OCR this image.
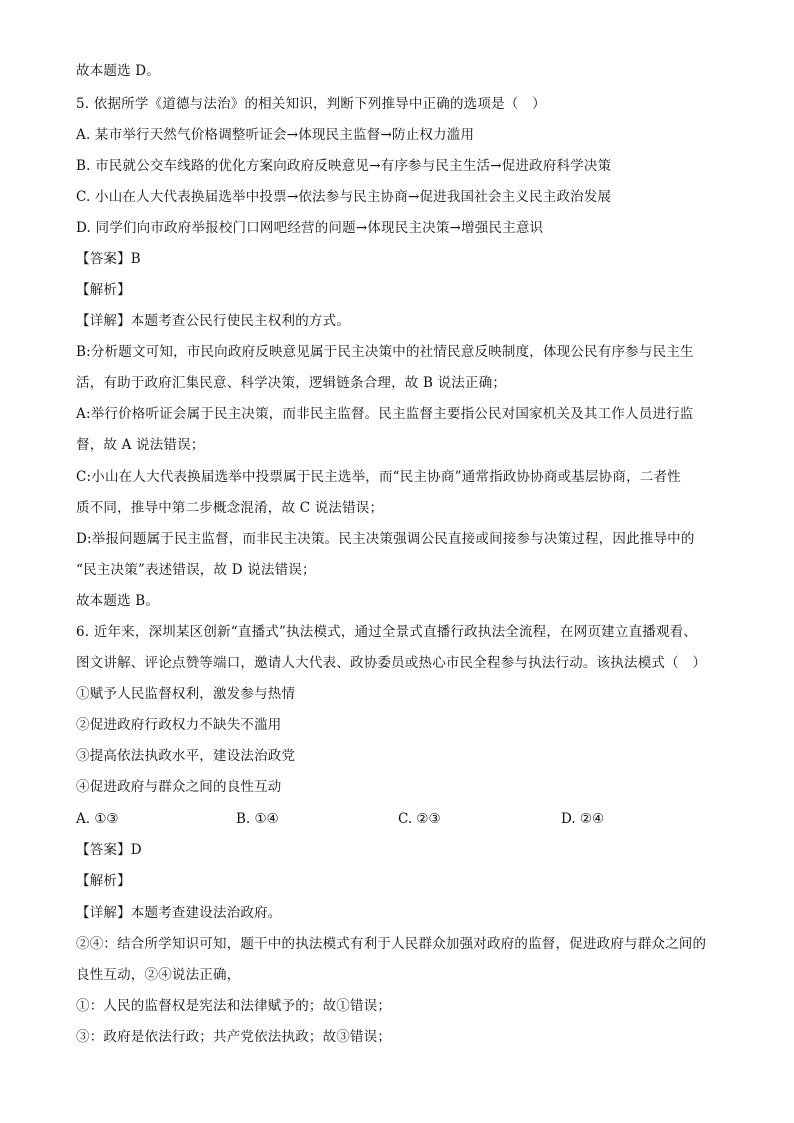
故本题选 D。
5. 依据所学《道德与法治》的相关知识，判断下列推导中正确的选项是（　）
A. 某市举行天然气价格调整听证会→体现民主监督→防止权力滥用
B. 市民就公交车线路的优化方案向政府反映意见→有序参与民主生活→促进政府科学决策
C. 小山在人大代表换届选举中投票→依法参与民主协商→促进我国社会主义民主政治发展
D. 同学们向市政府举报校门口网吧经营的问题→体现民主决策→增强民主意识
【答案】B
【解析】
【详解】本题考查公民行使民主权利的方式。
B:分析题文可知，市民向政府反映意见属于民主决策中的社情民意反映制度，体现公民有序参与民主生
活，有助于政府汇集民意、科学决策，逻辑链条合理，故 B 说法正确；
A:举行价格听证会属于民主决策，而非民主监督。民主监督主要指公民对国家机关及其工作人员进行监
督，故 A 说法错误；
C:小山在人大代表换届选举中投票属于民主选举，而“民主协商”通常指政协协商或基层协商，二者性
质不同，推导中第二步概念混淆，故 C 说法错误；
D:举报问题属于民主监督，而非民主决策。民主决策强调公民直接或间接参与决策过程，因此推导中的
“民主决策”表述错误，故 D 说法错误；
故本题选 B。
6. 近年来，深圳某区创新“直播式”执法模式，通过全景式直播行政执法全流程，在网页建立直播观看、
图文讲解、评论点赞等端口，邀请人大代表、政协委员或热心市民全程参与执法行动。该执法模式（　）
①赋予人民监督权利，激发参与热情
②促进政府行政权力不缺失不滥用
③提高依法执政水平，建设法治政党
④促进政府与群众之间的良性互动
A. ①③	B. ①④	C. ②③	D. ②④
【答案】D
【解析】
【详解】本题考查建设法治政府。
②④：结合所学知识可知，题干中的执法模式有利于人民群众加强对政府的监督，促进政府与群众之间的
良性互动，②④说法正确，
①：人民的监督权是宪法和法律赋予的；故①错误；
③：政府是依法行政；共产党依法执政；故③错误；
